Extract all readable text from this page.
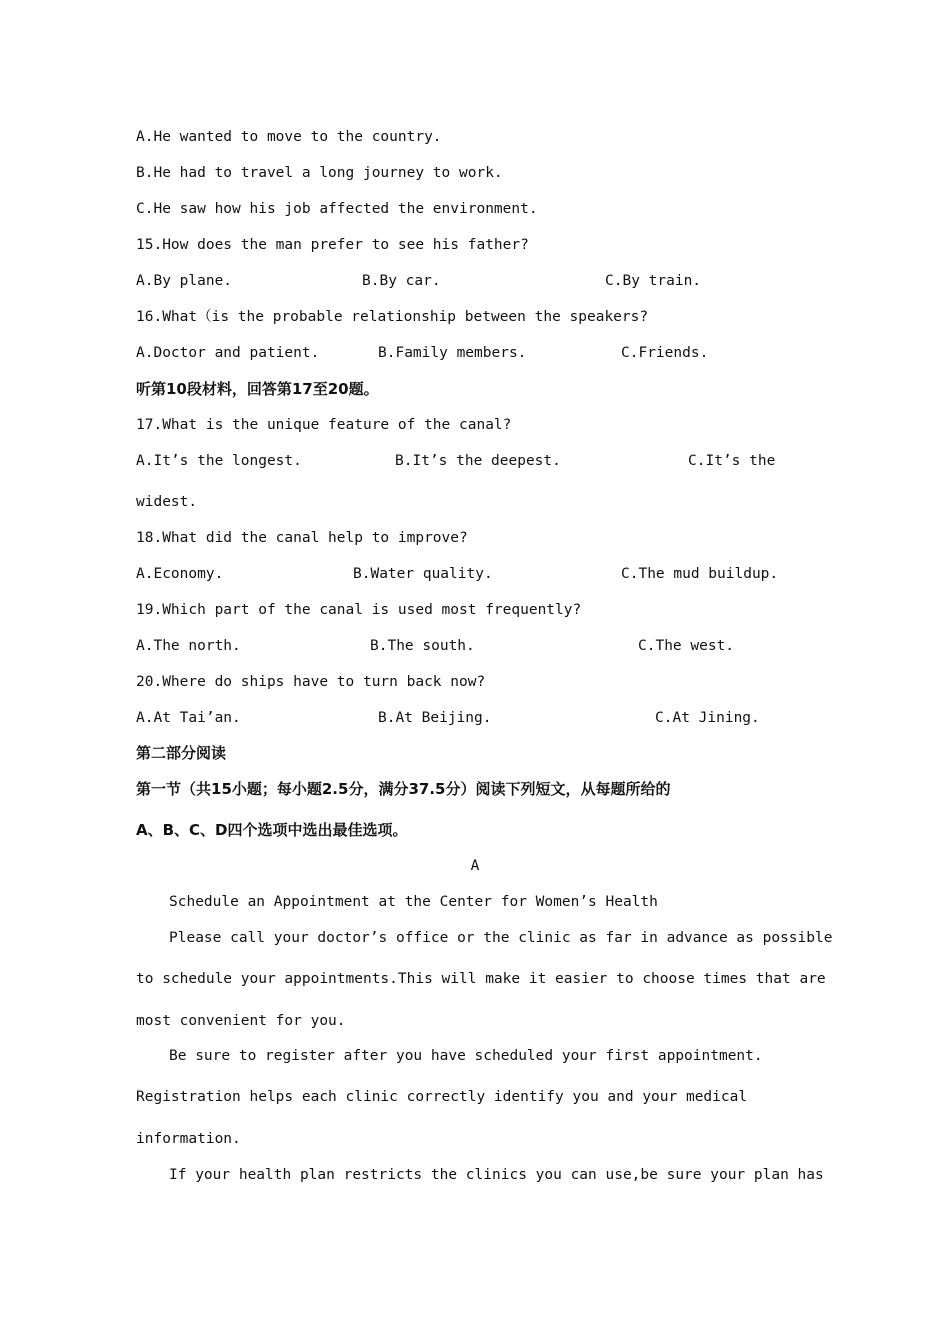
A.He wanted to move to the country.
B.He had to travel a long journey to work.
C.He saw how his job affected the environment.
15.How does the man prefer to see his father?
A.By plane.	B.By car.	C.By train.
16.What（is the probable relationship between the speakers?
A.Doctor and patient.	B.Family members.	C.Friends.
听第10段材料，回答第17至20题。
17.What is the unique feature of the canal?
A.It’s the longest.	B.It’s the deepest.	C.It’s the
widest.
18.What did the canal help to improve?
A.Economy.	B.Water quality.	C.The mud buildup.
19.Which part of the canal is used most frequently?
A.The north.	B.The south.	C.The west.
20.Where do ships have to turn back now?
A.At Tai’an.	B.At Beijing.	C.At Jining.
第二部分阅读
第一节（共15小题；每小题2.5分，满分37.5分）阅读下列短文，从每题所给的
A、B、C、D四个选项中选出最佳选项。
A
Schedule an Appointment at the Center for Women’s Health
Please call your doctor’s office or the clinic as far in advance as possible
to schedule your appointments.This will make it easier to choose times that are
most convenient for you.
Be sure to register after you have scheduled your first appointment.
Registration helps each clinic correctly identify you and your medical
information.
If your health plan restricts the clinics you can use,be sure your plan has
